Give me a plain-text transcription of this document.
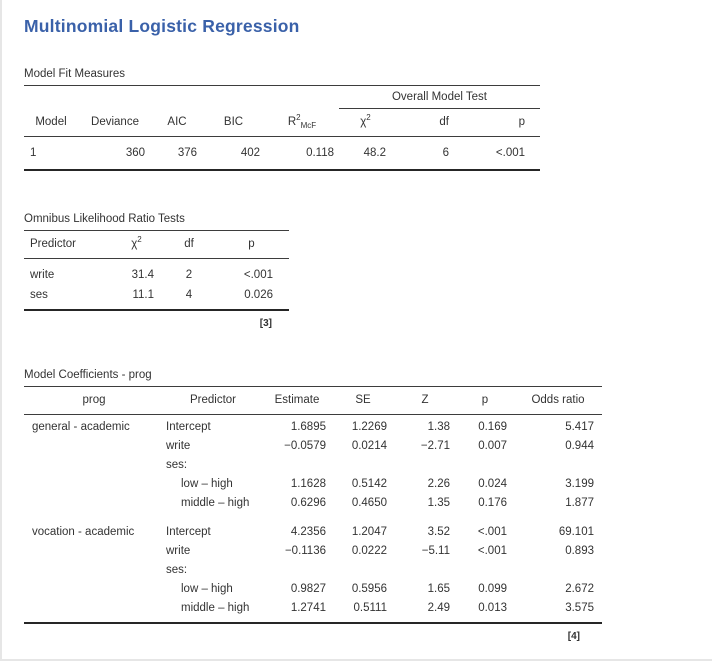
Multinomial Logistic Regression
Model Fit Measures
					Overall Model Test		
Model	Deviance	AIC	BIC	$R^2_{McF}$	$\chi^2$	df	p
1	360	376	402	0.118	48.2	6	<.001
Omnibus Likelihood Ratio Tests
Predictor	$\chi^2$	df	p
write	31.4	2	<.001
ses	11.1	4	0.026
[3]
Model Coefficients - prog
prog	Predictor	Estimate	SE	Z	p	Odds ratio
general - academic	Intercept	1.6895	1.2269	1.38	0.169	5.417
	write	−0.0579	0.0214	−2.71	0.007	0.944
	ses:					
	low – high	1.1628	0.5142	2.26	0.024	3.199
	middle – high	0.6296	0.4650	1.35	0.176	1.877
vocation - academic	Intercept	4.2356	1.2047	3.52	<.001	69.101
	write	−0.1136	0.0222	−5.11	<.001	0.893
	ses:					
	low – high	0.9827	0.5956	1.65	0.099	2.672
	middle – high	1.2741	0.5111	2.49	0.013	3.575
[4]
